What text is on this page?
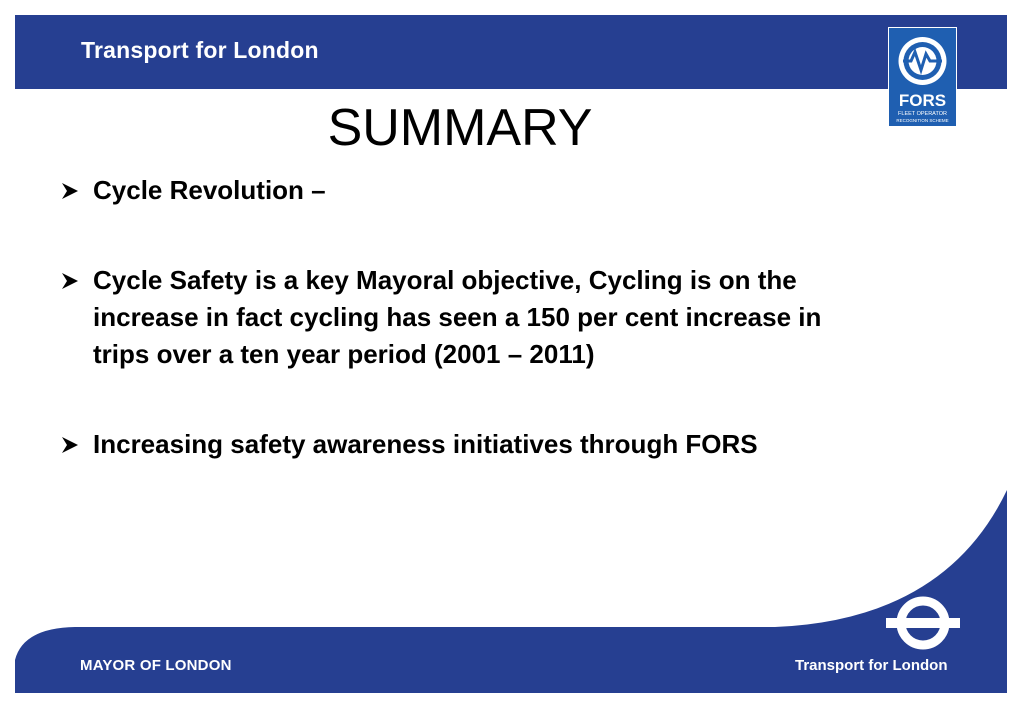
Transport for London
FORS
FLEET OPERATOR
RECOGNITION SCHEME
SUMMARY
Cycle Revolution –
Cycle Safety is a key Mayoral objective, Cycling is on the increase in fact cycling has seen a 150 per cent increase in trips over a ten year period (2001 – 2011)
Increasing safety awareness initiatives through FORS
MAYOR OF LONDON	Transport for London
